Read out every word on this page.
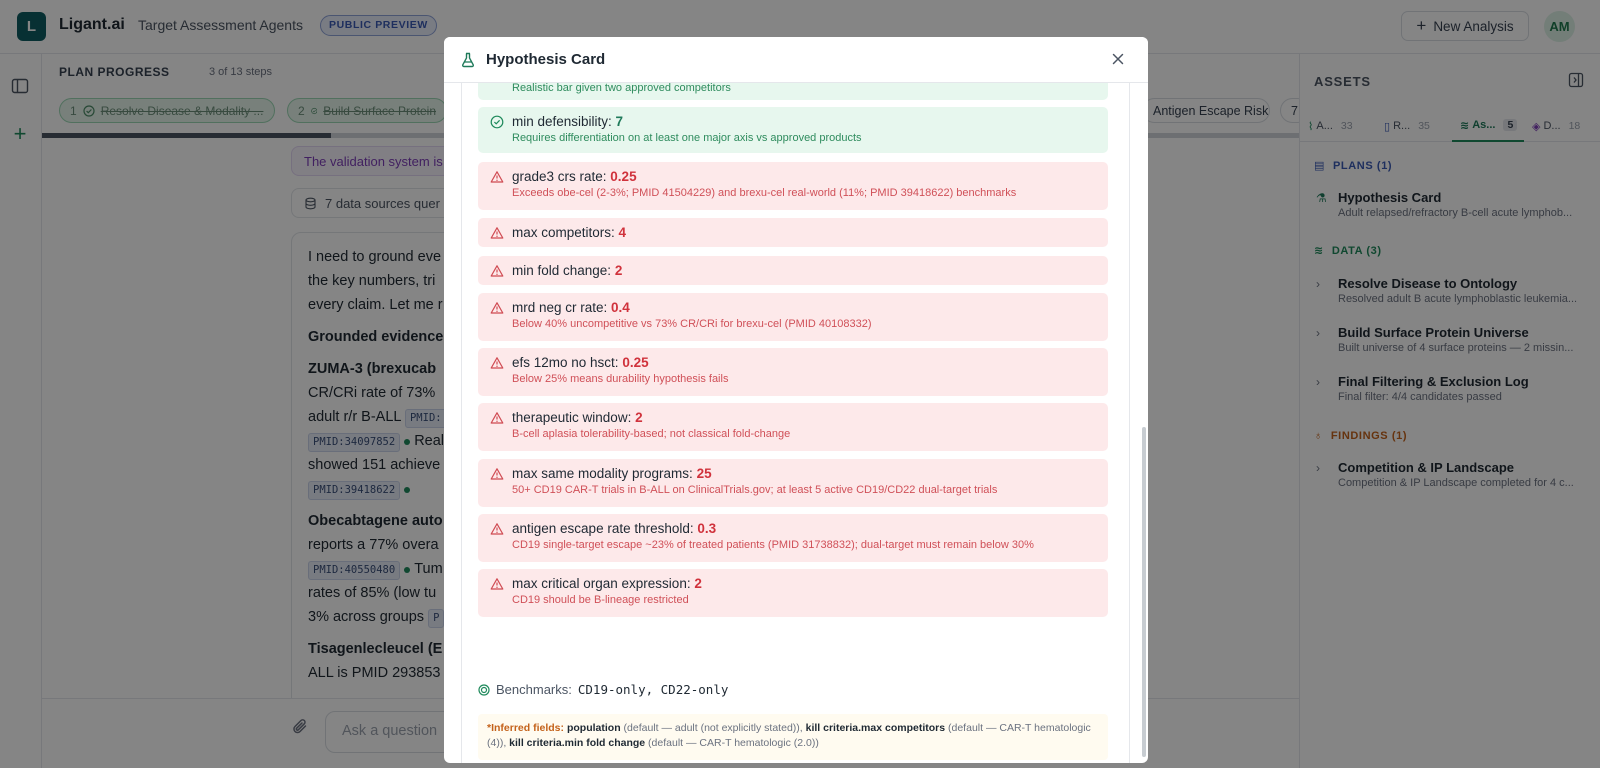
L	Ligant.ai Target Assessment Agents	PUBLIC PREVIEW	+ New Analysis	AM
+
PLAN PROGRESS	3 of 13 steps
1 Resolve Disease & Modality ...	2 Build Surface Protein	Antigen Escape Risk	7
The validation system is
7 data sources quer

I need to ground eve

the key numbers, tri

every claim. Let me r

Grounded evidence

ZUMA-3 (brexucab

CR/CRi rate of 73%

adult r/r B-ALL PMID:

PMID:34097852 Real

showed 151 achieve

PMID:39418622

Obecabtagene auto

reports a 77% overa

PMID:40550480 Tum

rates of 85% (low tu

3% across groups P

Tisagenlecleucel (E

ALL is PMID 293853

Ask a question
ASSETS
⌇ A... 33	▯ R... 35	≋ As...	5	◈ D... 18
▤ PLANS (1)
⚗ Hypothesis Card
Adult relapsed/refractory B-cell acute lymphob...
≋ DATA (3)
›	Resolve Disease to Ontology
Resolved adult B acute lymphoblastic leukemia...
›	Build Surface Protein Universe
Built universe of 4 surface proteins — 2 missin...
›	Final Filtering & Exclusion Log
Final filter: 4/4 candidates passed
♁ FINDINGS (1)
›	Competition & IP Landscape
Competition & IP Landscape completed for 4 c...
Hypothesis Card
Realistic bar given two approved competitors
min defensibility: 7
Requires differentiation on at least one major axis vs approved products
grade3 crs rate: 0.25
Exceeds obe-cel (2-3%; PMID 41504229) and brexu-cel real-world (11%; PMID 39418622) benchmarks
max competitors: 4
min fold change: 2
mrd neg cr rate: 0.4
Below 40% uncompetitive vs 73% CR/CRi for brexu-cel (PMID 40108332)
efs 12mo no hsct: 0.25
Below 25% means durability hypothesis fails
therapeutic window: 2
B-cell aplasia tolerability-based; not classical fold-change
max same modality programs: 25
50+ CD19 CAR-T trials in B-ALL on ClinicalTrials.gov; at least 5 active CD19/CD22 dual-target trials
antigen escape rate threshold: 0.3
CD19 single-target escape ~23% of treated patients (PMID 31738832); dual-target must remain below 30%
max critical organ expression: 2
CD19 should be B-lineage restricted
Benchmarks: CD19-only, CD22-only
*Inferred fields: population (default — adult (not explicitly stated)), kill criteria.max competitors (default — CAR-T hematologic (4)), kill criteria.min fold change (default — CAR-T hematologic (2.0))
